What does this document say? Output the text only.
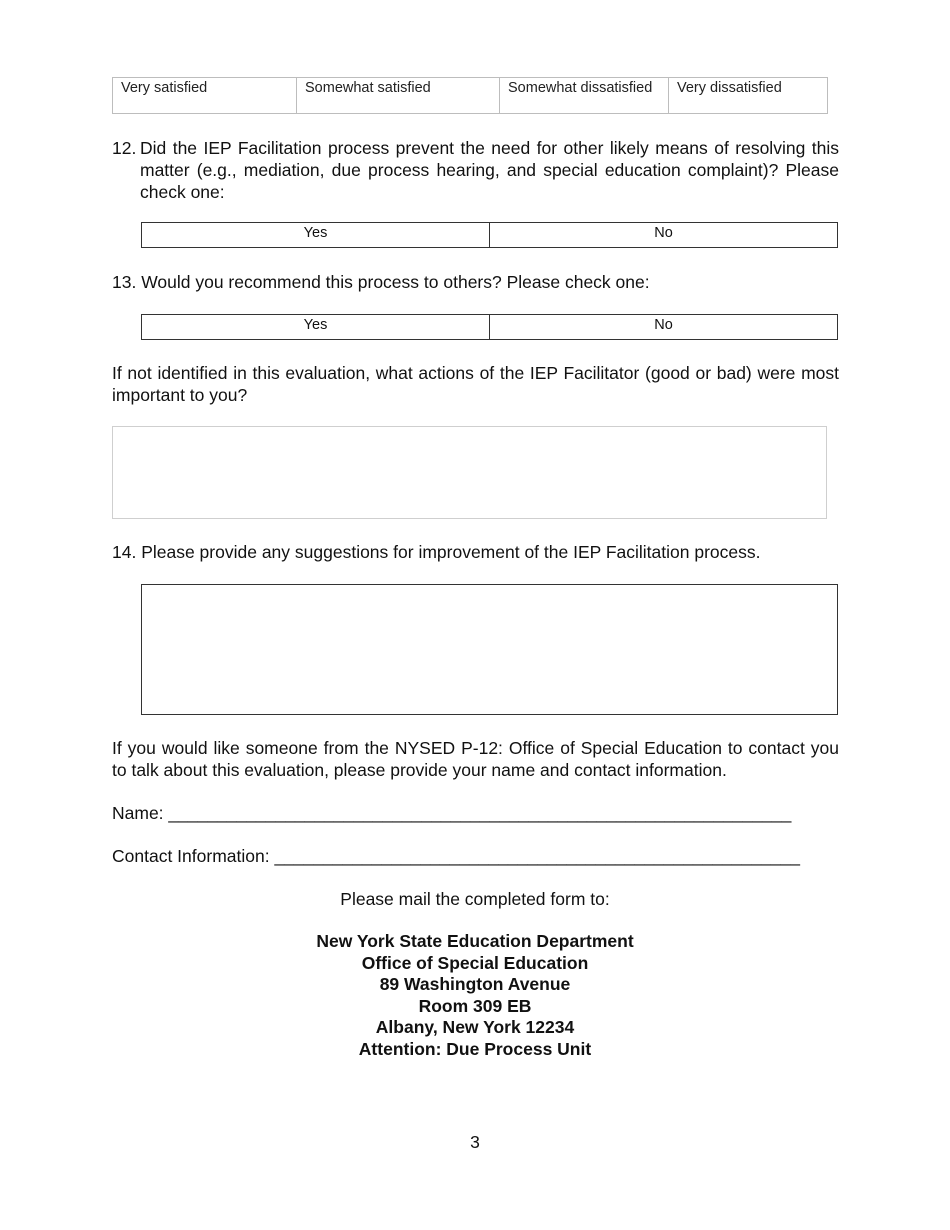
Very satisfied	Somewhat satisfied	Somewhat dissatisfied	Very dissatisfied
12. Did the IEP Facilitation process prevent the need for other likely means of resolving this matter (e.g., mediation, due process hearing, and special education complaint)? Please check one:
Yes	No
13. Would you recommend this process to others? Please check one:
Yes	No
If not identified in this evaluation, what actions of the IEP Facilitator (good or bad) were most important to you?
14. Please provide any suggestions for improvement of the IEP Facilitation process.
If you would like someone from the NYSED P-12: Office of Special Education to contact you to talk about this evaluation, please provide your name and contact information.
Name: ________________________________________________________________
Contact Information: ______________________________________________________
Please mail the completed form to:
New York State Education Department
Office of Special Education
89 Washington Avenue
Room 309 EB
Albany, New York 12234
Attention: Due Process Unit
3
